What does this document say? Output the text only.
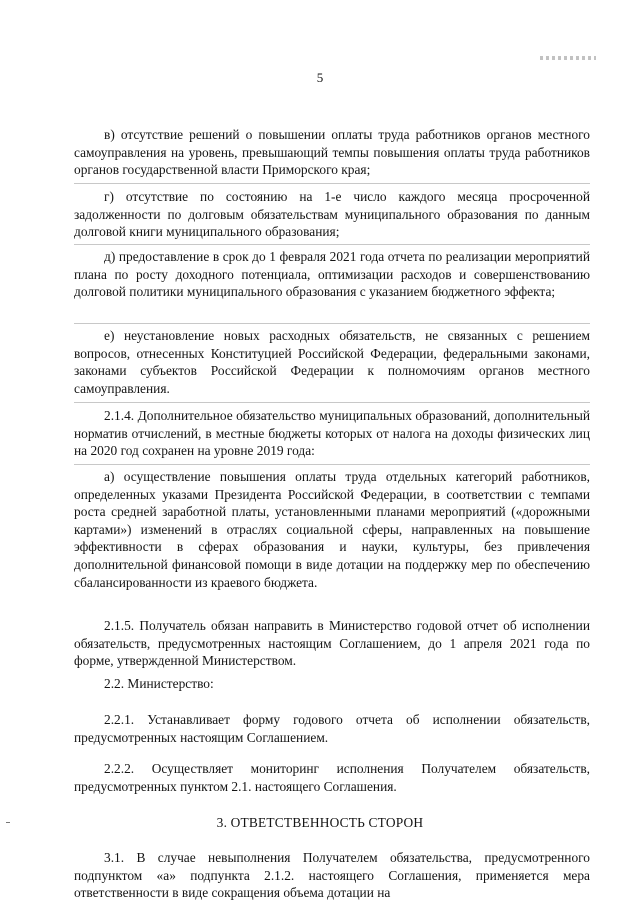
5

в) отсутствие решений о повышении оплаты труда работников органов местного самоуправления на уровень, превышающий темпы повышения оплаты труда работников органов государственной власти Приморского края;

г) отсутствие по состоянию на 1-е число каждого месяца просроченной задолженности по долговым обязательствам муниципального образования по данным долговой книги муниципального образования;

д) предоставление в срок до 1 февраля 2021 года отчета по реализации мероприятий плана по росту доходного потенциала, оптимизации расходов и совершенствованию долговой политики муниципального образования с указанием бюджетного эффекта;

е) неустановление новых расходных обязательств, не связанных с решением вопросов, отнесенных Конституцией Российской Федерации, федеральными законами, законами субъектов Российской Федерации к полномочиям органов местного самоуправления.

2.1.4. Дополнительное обязательство муниципальных образований, дополнительный норматив отчислений, в местные бюджеты которых от налога на доходы физических лиц на 2020 год сохранен на уровне 2019 года:

а) осуществление повышения оплаты труда отдельных категорий работников, определенных указами Президента Российской Федерации, в соответствии с темпами роста средней заработной платы, установленными планами мероприятий («дорожными картами») изменений в отраслях социальной сферы, направленных на повышение эффективности в сферах образования и науки, культуры, без привлечения дополнительной финансовой помощи в виде дотации на поддержку мер по обеспечению сбалансированности из краевого бюджета.

2.1.5. Получатель обязан направить в Министерство годовой отчет об исполнении обязательств, предусмотренных настоящим Соглашением, до 1 апреля 2021 года по форме, утвержденной Министерством.

2.2. Министерство:

2.2.1. Устанавливает форму годового отчета об исполнении обязательств, предусмотренных настоящим Соглашением.

2.2.2. Осуществляет мониторинг исполнения Получателем обязательств, предусмотренных пунктом 2.1. настоящего Соглашения.

3. ОТВЕТСТВЕННОСТЬ СТОРОН

3.1. В случае невыполнения Получателем обязательства, предусмотренного подпунктом «а» подпункта 2.1.2. настоящего Соглашения, применяется мера ответственности в виде сокращения объема дотации на
